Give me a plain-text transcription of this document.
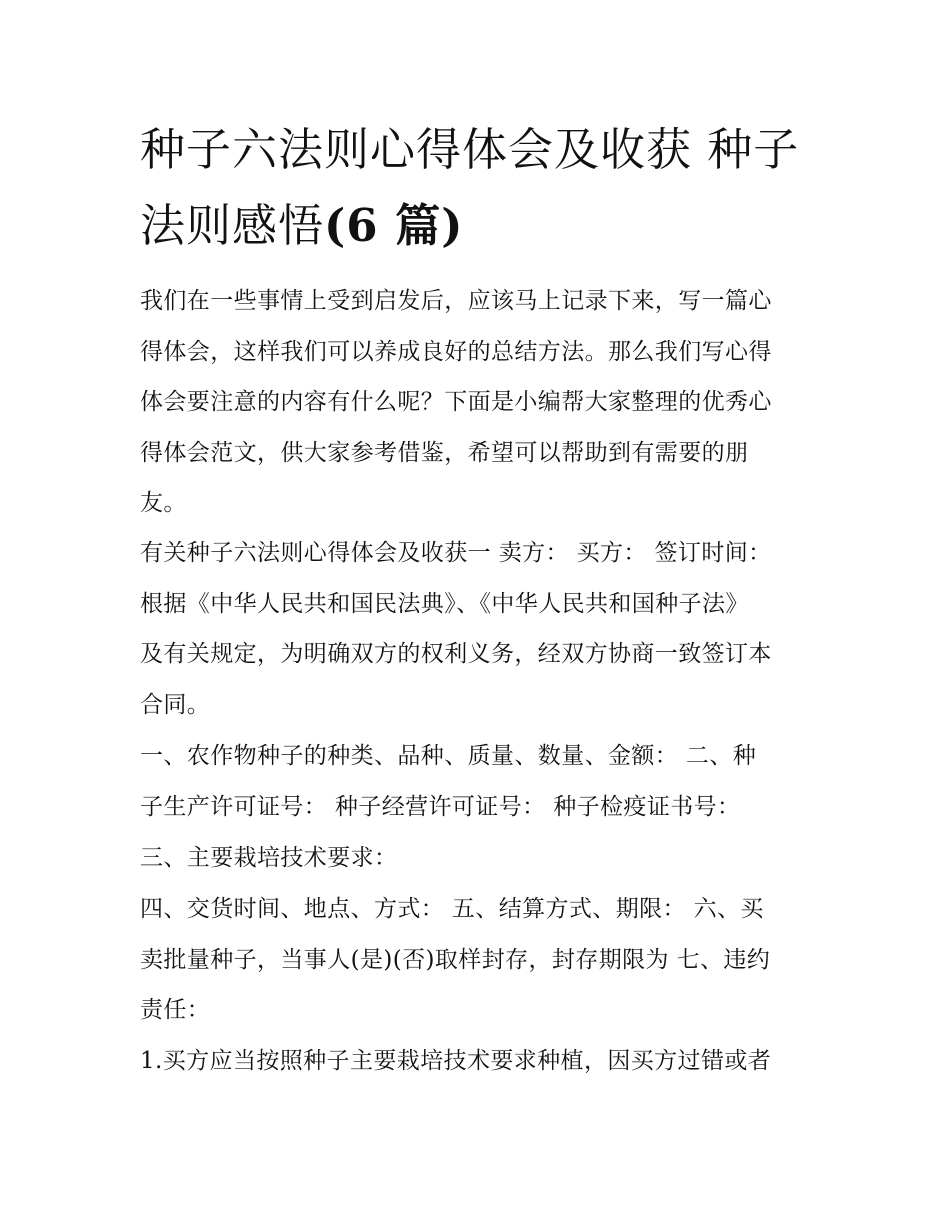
种子六法则心得体会及收获 种子法则感悟(6 篇)

我们在一些事情上受到启发后，应该马上记录下来，写一篇心
得体会，这样我们可以养成良好的总结方法。那么我们写心得
体会要注意的内容有什么呢？下面是小编帮大家整理的优秀心
得体会范文，供大家参考借鉴，希望可以帮助到有需要的朋
友。

有关种子六法则心得体会及收获一 卖方： 买方： 签订时间：
根据《中华人民共和国民法典》、《中华人民共和国种子法》
及有关规定，为明确双方的权利义务，经双方协商一致签订本
合同。

一、农作物种子的种类、品种、质量、数量、金额： 二、种
子生产许可证号： 种子经营许可证号： 种子检疫证书号：

三、主要栽培技术要求：

四、交货时间、地点、方式： 五、结算方式、期限： 六、买
卖批量种子，当事人(是)(否)取样封存，封存期限为 七、违约
责任：

1.买方应当按照种子主要栽培技术要求种植，因买方过错或者
